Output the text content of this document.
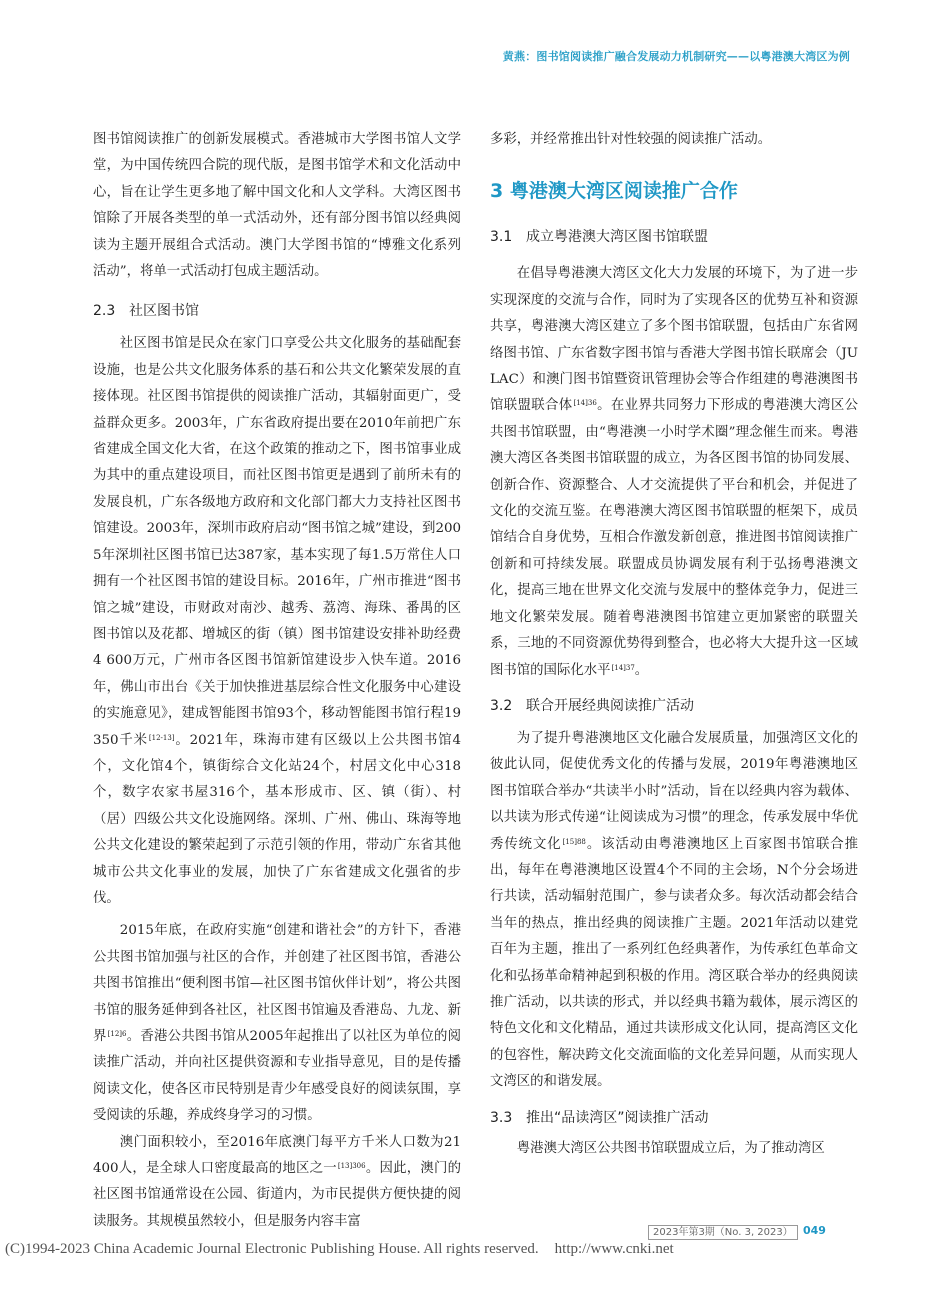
黄燕：图书馆阅读推广融合发展动力机制研究——以粤港澳大湾区为例

图书馆阅读推广的创新发展模式。香港城市大学图书馆人文学堂，为中国传统四合院的现代版，是图书馆学术和文化活动中心，旨在让学生更多地了解中国文化和人文学科。大湾区图书馆除了开展各类型的单一式活动外，还有部分图书馆以经典阅读为主题开展组合式活动。澳门大学图书馆的“博雅文化系列活动”，将单一式活动打包成主题活动。

2.3 社区图书馆

社区图书馆是民众在家门口享受公共文化服务的基础配套设施，也是公共文化服务体系的基石和公共文化繁荣发展的直接体现。社区图书馆提供的阅读推广活动，其辐射面更广，受益群众更多。2003年，广东省政府提出要在2010年前把广东省建成全国文化大省，在这个政策的推动之下，图书馆事业成为其中的重点建设项目，而社区图书馆更是遇到了前所未有的发展良机，广东各级地方政府和文化部门都大力支持社区图书馆建设。2003年，深圳市政府启动“图书馆之城”建设，到2005年深圳社区图书馆已达387家，基本实现了每1.5万常住人口拥有一个社区图书馆的建设目标。2016年，广州市推进“图书馆之城”建设，市财政对南沙、越秀、荔湾、海珠、番禺的区图书馆以及花都、增城区的街（镇）图书馆建设安排补助经费4 600万元，广州市各区图书馆新馆建设步入快车道。2016年，佛山市出台《关于加快推进基层综合性文化服务中心建设的实施意见》，建成智能图书馆93个，移动智能图书馆行程19 350千米[12-13]。2021年，珠海市建有区级以上公共图书馆4个，文化馆4个，镇街综合文化站24个，村居文化中心318个，数字农家书屋316个，基本形成市、区、镇（街）、村（居）四级公共文化设施网络。深圳、广州、佛山、珠海等地公共文化建设的繁荣起到了示范引领的作用，带动广东省其他城市公共文化事业的发展，加快了广东省建成文化强省的步伐。

2015年底，在政府实施“创建和谐社会”的方针下，香港公共图书馆加强与社区的合作，并创建了社区图书馆，香港公共图书馆推出“便利图书馆—社区图书馆伙伴计划”，将公共图书馆的服务延伸到各社区，社区图书馆遍及香港岛、九龙、新界$^{[12]6}$。香港公共图书馆从2005年起推出了以社区为单位的阅读推广活动，并向社区提供资源和专业指导意见，目的是传播阅读文化，使各区市民特别是青少年感受良好的阅读氛围，享受阅读的乐趣，养成终身学习的习惯。

澳门面积较小，至2016年底澳门每平方千米人口数为21 400人，是全球人口密度最高的地区之一$^{[13]306}$。因此，澳门的社区图书馆通常设在公园、街道内，为市民提供方便快捷的阅读服务。其规模虽然较小，但是服务内容丰富

多彩，并经常推出针对性较强的阅读推广活动。

3 粤港澳大湾区阅读推广合作
3.1 成立粤港澳大湾区图书馆联盟

在倡导粤港澳大湾区文化大力发展的环境下，为了进一步实现深度的交流与合作，同时为了实现各区的优势互补和资源共享，粤港澳大湾区建立了多个图书馆联盟，包括由广东省网络图书馆、广东省数字图书馆与香港大学图书馆长联席会（JULAC）和澳门图书馆暨资讯管理协会等合作组建的粤港澳图书馆联盟联合体$^{[14]36}$。在业界共同努力下形成的粤港澳大湾区公共图书馆联盟，由“粤港澳一小时学术圈”理念催生而来。粤港澳大湾区各类图书馆联盟的成立，为各区图书馆的协同发展、创新合作、资源整合、人才交流提供了平台和机会，并促进了文化的交流互鉴。在粤港澳大湾区图书馆联盟的框架下，成员馆结合自身优势，互相合作激发新创意，推进图书馆阅读推广创新和可持续发展。联盟成员协调发展有利于弘扬粤港澳文化，提高三地在世界文化交流与发展中的整体竞争力，促进三地文化繁荣发展。随着粤港澳图书馆建立更加紧密的联盟关系，三地的不同资源优势得到整合，也必将大大提升这一区域图书馆的国际化水平$^{[14]37}$。

3.2 联合开展经典阅读推广活动

为了提升粤港澳地区文化融合发展质量，加强湾区文化的彼此认同，促使优秀文化的传播与发展，2019年粤港澳地区图书馆联合举办“共读半小时”活动，旨在以经典内容为载体、以共读为形式传递“让阅读成为习惯”的理念，传承发展中华优秀传统文化$^{[15]88}$。该活动由粤港澳地区上百家图书馆联合推出，每年在粤港澳地区设置4个不同的主会场，N个分会场进行共读，活动辐射范围广，参与读者众多。每次活动都会结合当年的热点，推出经典的阅读推广主题。2021年活动以建党百年为主题，推出了一系列红色经典著作，为传承红色革命文化和弘扬革命精神起到积极的作用。湾区联合举办的经典阅读推广活动，以共读的形式，并以经典书籍为载体，展示湾区的特色文化和文化精品，通过共读形成文化认同，提高湾区文化的包容性，解决跨文化交流面临的文化差异问题，从而实现人文湾区的和谐发展。

3.3 推出“品读湾区”阅读推广活动

粤港澳大湾区公共图书馆联盟成立后，为了推动湾区

2023年第3期（No. 3, 2023） 049
(C)1994-2023 China Academic Journal Electronic Publishing House. All rights reserved. http://www.cnki.net
